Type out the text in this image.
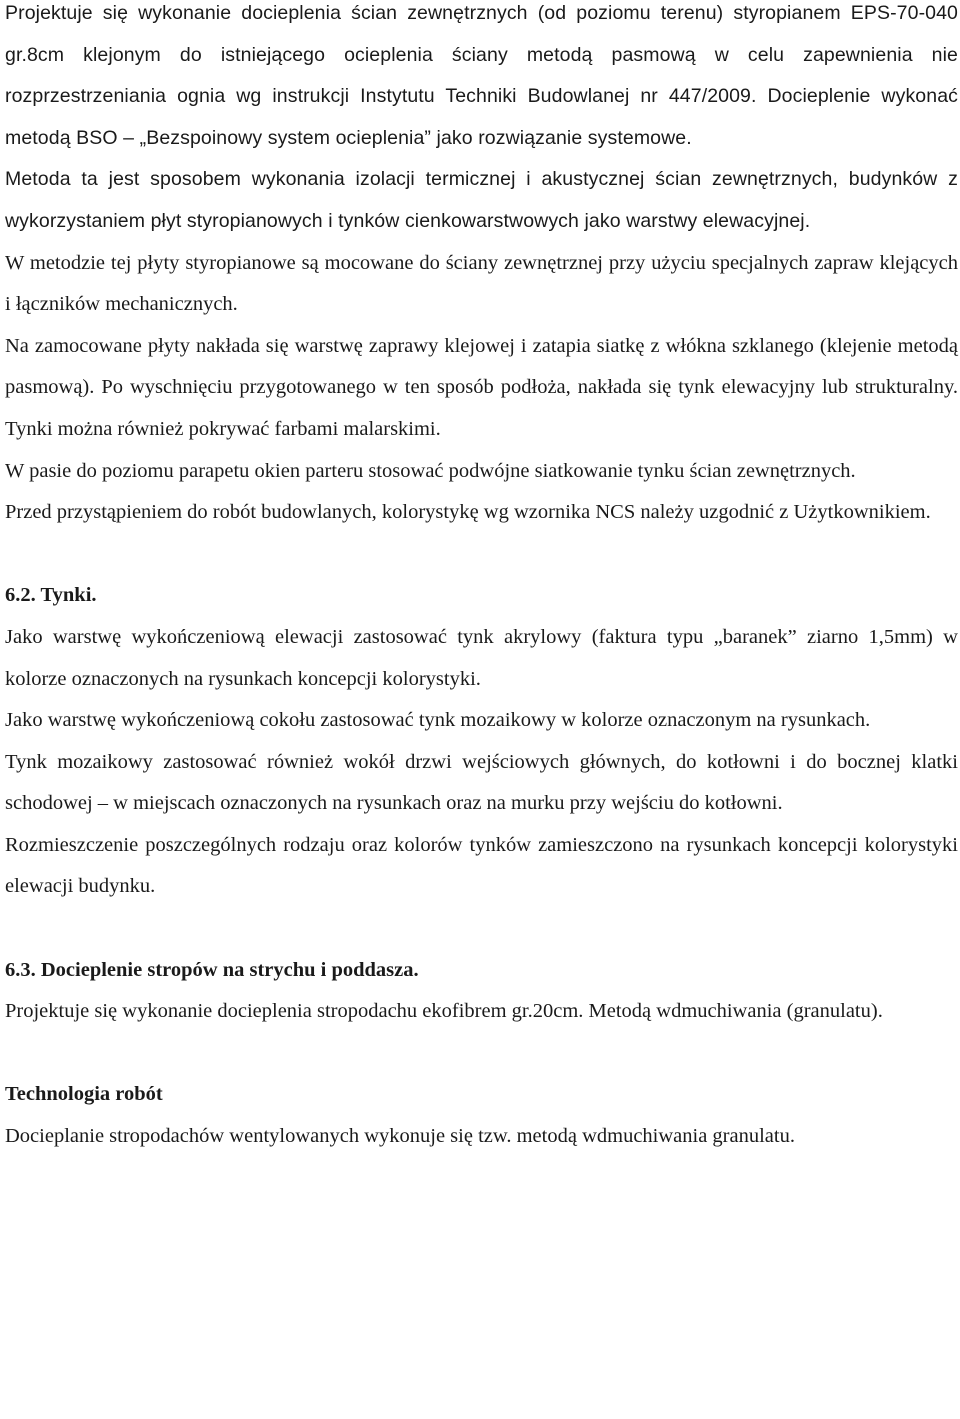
Projektuje się wykonanie docieplenia ścian zewnętrznych (od poziomu terenu) styropianem EPS-70-040 gr.8cm klejonym do istniejącego ocieplenia ściany metodą pasmową w celu zapewnienia nie rozprzestrzeniania ognia wg instrukcji Instytutu Techniki Budowlanej nr 447/2009. Docieplenie wykonać metodą BSO – „Bezspoinowy system ocieplenia” jako rozwiązanie systemowe.

Metoda ta jest sposobem wykonania izolacji termicznej i akustycznej ścian zewnętrznych, budynków z wykorzystaniem płyt styropianowych i tynków cienkowarstwowych jako warstwy elewacyjnej.

W metodzie tej płyty styropianowe są mocowane do ściany zewnętrznej przy użyciu specjalnych zapraw klejących i łączników mechanicznych.

Na zamocowane płyty nakłada się warstwę zaprawy klejowej i zatapia siatkę z włókna szklanego (klejenie metodą pasmową). Po wyschnięciu przygotowanego w ten sposób podłoża, nakłada się tynk elewacyjny lub strukturalny. Tynki można również pokrywać farbami malarskimi.

W pasie do poziomu parapetu okien parteru stosować podwójne siatkowanie tynku ścian zewnętrznych.

Przed przystąpieniem do robót budowlanych, kolorystykę wg wzornika NCS należy uzgodnić z Użytkownikiem.

6.2. Tynki.

Jako warstwę wykończeniową elewacji zastosować tynk akrylowy (faktura typu „baranek” ziarno 1,5mm) w kolorze oznaczonych na rysunkach koncepcji kolorystyki.

Jako warstwę wykończeniową cokołu zastosować tynk mozaikowy w kolorze oznaczonym na rysunkach.

Tynk mozaikowy zastosować również wokół drzwi wejściowych głównych, do kotłowni i do bocznej klatki schodowej – w miejscach oznaczonych na rysunkach oraz na murku przy wejściu do kotłowni.

Rozmieszczenie poszczególnych rodzaju oraz kolorów tynków zamieszczono na rysunkach koncepcji kolorystyki elewacji budynku.

6.3. Docieplenie stropów na strychu i poddasza.

Projektuje się wykonanie docieplenia stropodachu ekofibrem gr.20cm. Metodą wdmuchiwania (granulatu).

Technologia robót

Docieplanie stropodachów wentylowanych wykonuje się tzw. metodą wdmuchiwania granulatu.
